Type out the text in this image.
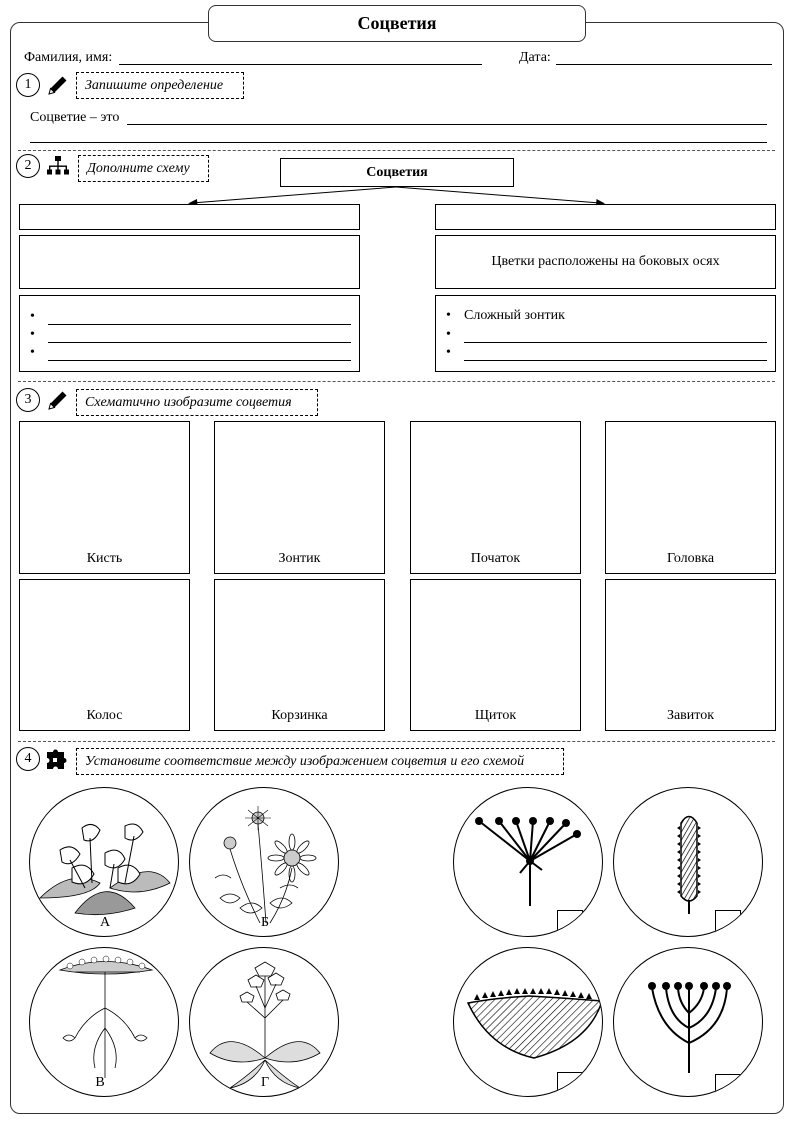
Соцветия
Фамилия, имя:	Дата:
1	Запишите определение
Соцветие – это
2	Дополните схему	Соцветия
•
•
•
Цветки расположены на боковых осях
• Сложный зонтик
•
•
3	Схематично изобразите соцветия
Кисть	Зонтик	Початок	Головка
Колос	Корзинка	Щиток	Завиток
4	Установите соответствие между изображением соцветия и его схемой
А	Б
В	Г
